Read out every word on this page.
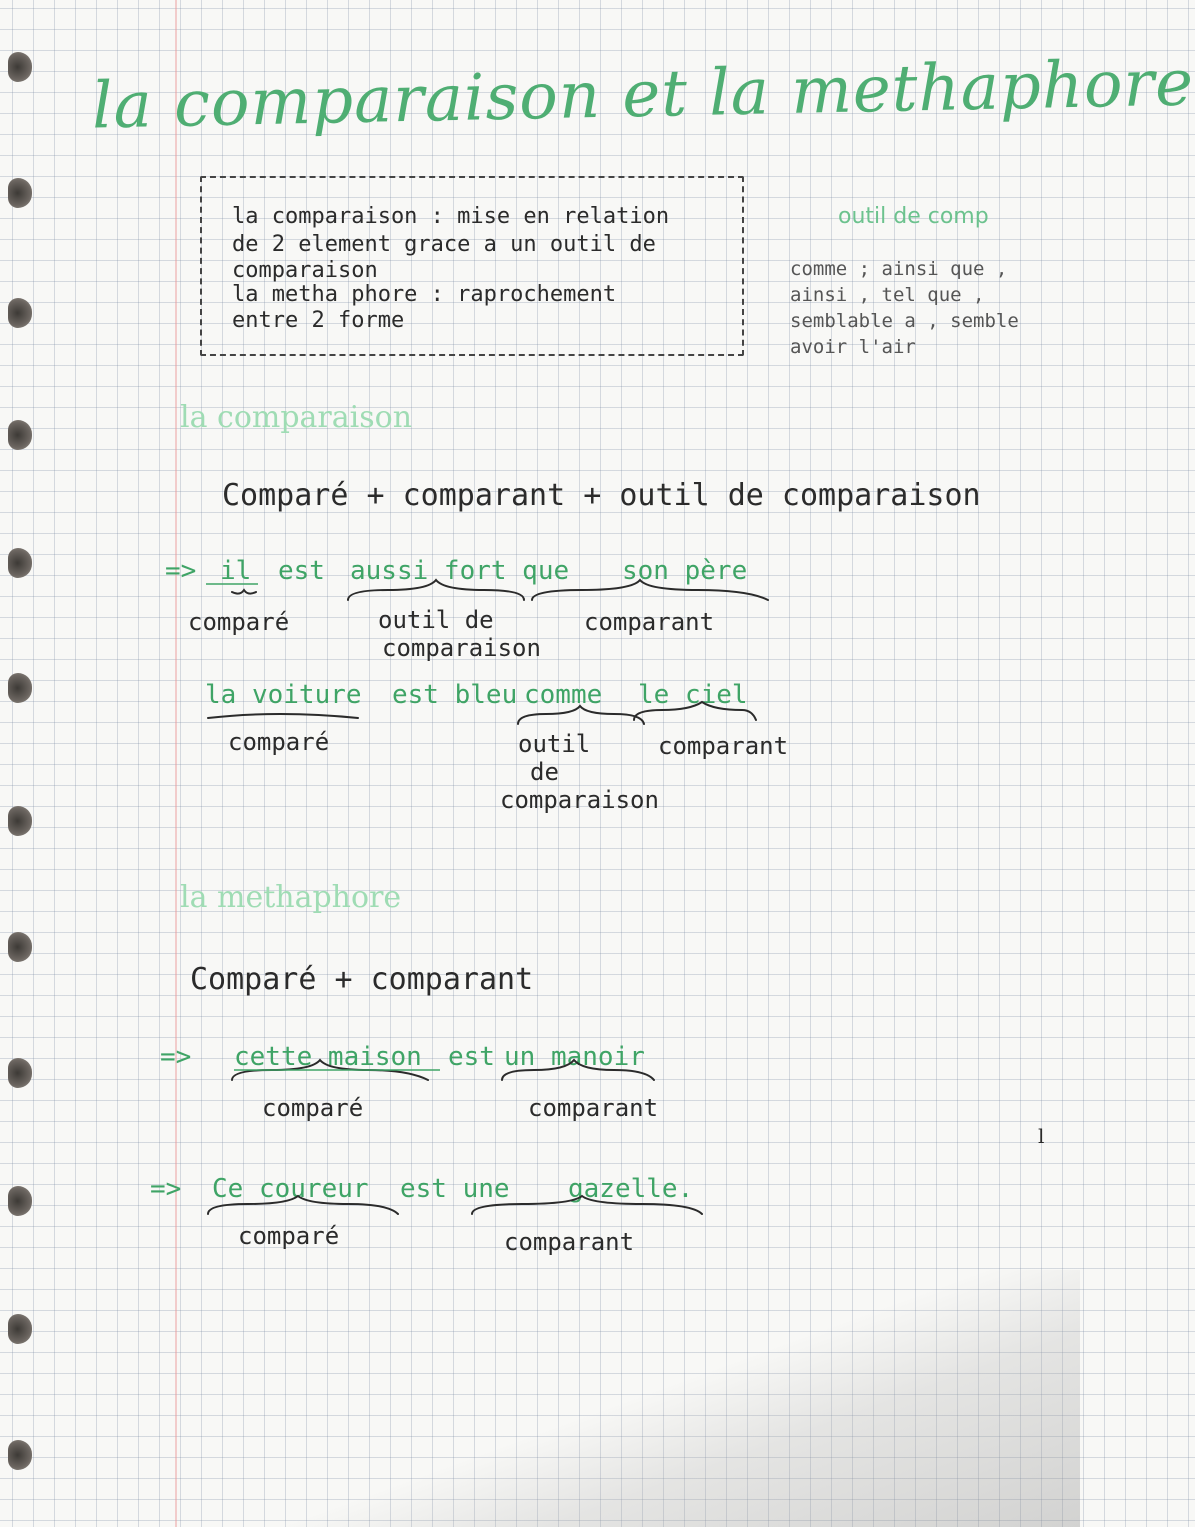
la comparaison et la methaphore
la comparaison : mise en relation
de 2 element grace a un outil de
comparaison
la metha phore : raprochement
entre 2 forme
outil de comp
comme ; ainsi que ,
ainsi , tel que ,
semblable a , semble
avoir l'air
la comparaison
Comparé + comparant + outil de comparaison
=> il est aussi fort que son père
comparé	outil de
comparaison
comparant
la voiture est bleu comme le ciel
comparé	outil
de
comparaison
comparant
la methaphore
Comparé + comparant
=> cette maison est un manoir
comparé	comparant
=> Ce coureur est une gazelle.
comparé	comparant
l
